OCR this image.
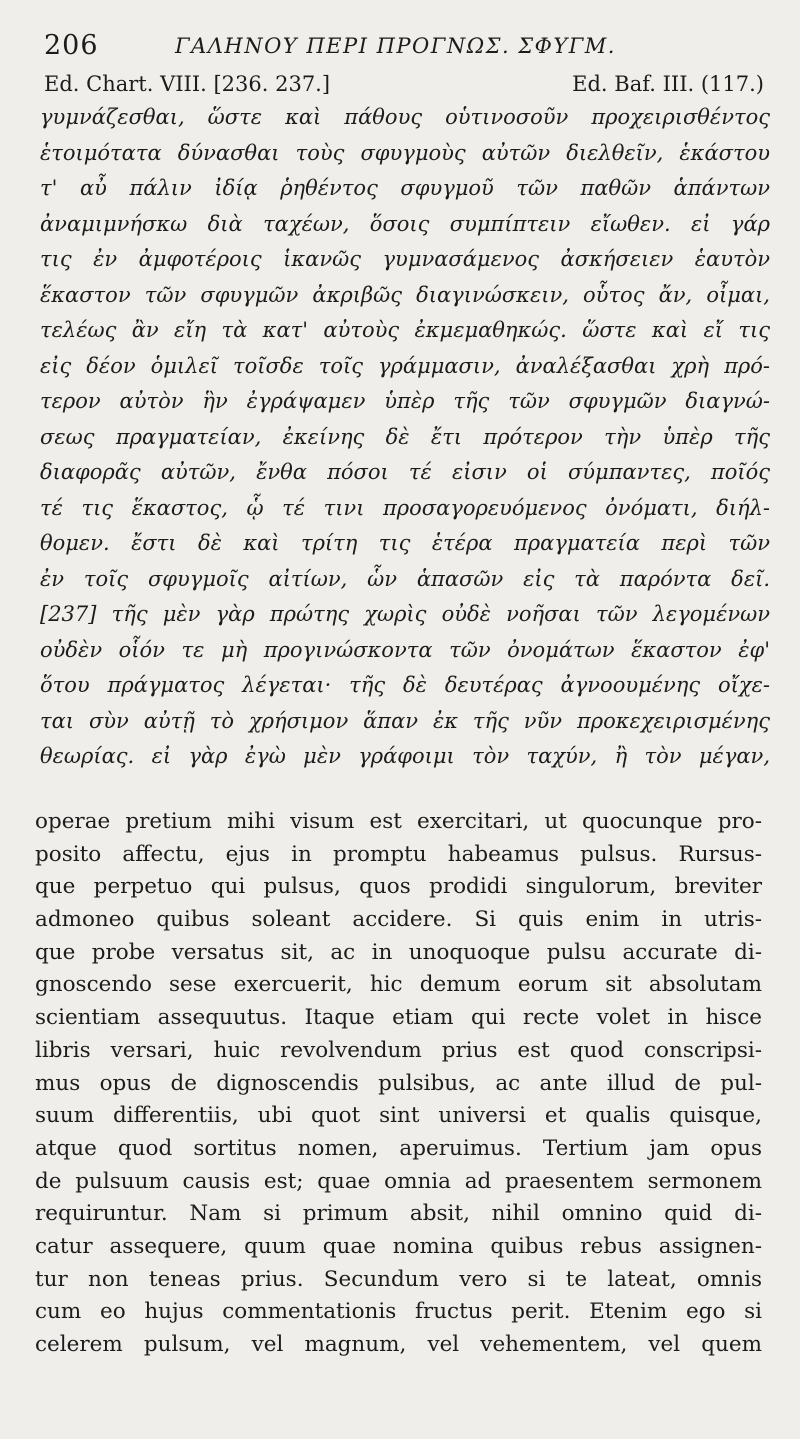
206	ΓΑΛΗΝΟΥ ΠΕΡΙ ΠΡΟΓΝΩΣ. ΣΦΥΓΜ.
Ed. Chart. VIII. [236. 237.]	Ed. Baf. III. (117.)
γυμνάζεσθαι, ὥστε καὶ πάθους οὑτινοσοῦν προχειρισθέντος
ἑτοιμότατα δύνασθαι τοὺς σφυγμοὺς αὐτῶν διελθεῖν, ἑκάστου
τ' αὖ πάλιν ἰδίᾳ ῥηθέντος σφυγμοῦ τῶν παθῶν ἁπάντων
ἀναμιμνήσκω διὰ ταχέων, ὅσοις συμπίπτειν εἴωθεν. εἰ γάρ
τις ἐν ἀμφοτέροις ἱκανῶς γυμνασάμενος ἀσκήσειεν ἑαυτὸν
ἕκαστον τῶν σφυγμῶν ἀκριβῶς διαγινώσκειν, οὗτος ἄν, οἶμαι,
τελέως ἂν εἴη τὰ κατ' αὐτοὺς ἐκμεμαθηκώς. ὥστε καὶ εἴ τις
εἰς δέον ὁμιλεῖ τοῖσδε τοῖς γράμμασιν, ἀναλέξασθαι χρὴ πρό-
τερον αὐτὸν ἣν ἐγράψαμεν ὑπὲρ τῆς τῶν σφυγμῶν διαγνώ-
σεως πραγματείαν, ἐκείνης δὲ ἔτι πρότερον τὴν ὑπὲρ τῆς
διαφορᾶς αὐτῶν, ἔνθα πόσοι τέ εἰσιν οἱ σύμπαντες, ποῖός
τέ τις ἕκαστος, ᾧ τέ τινι προσαγορευόμενος ὀνόματι, διήλ-
θομεν. ἔστι δὲ καὶ τρίτη τις ἑτέρα πραγματεία περὶ τῶν
ἐν τοῖς σφυγμοῖς αἰτίων, ὧν ἁπασῶν εἰς τὰ παρόντα δεῖ.
[237] τῆς μὲν γὰρ πρώτης χωρὶς οὐδὲ νοῆσαι τῶν λεγομένων
οὐδὲν οἷόν τε μὴ προγινώσκοντα τῶν ὀνομάτων ἕκαστον ἐφ'
ὅτου πράγματος λέγεται· τῆς δὲ δευτέρας ἀγνοουμένης οἴχε-
ται σὺν αὐτῇ τὸ χρήσιμον ἅπαν ἐκ τῆς νῦν προκεχειρισμένης
θεωρίας. εἰ γὰρ ἐγὼ μὲν γράφοιμι τὸν ταχύν, ἢ τὸν μέγαν,
operae pretium mihi visum est exercitari, ut quocunque pro-
posito affectu, ejus in promptu habeamus pulsus. Rursus-
que perpetuo qui pulsus, quos prodidi singulorum, breviter
admoneo quibus soleant accidere. Si quis enim in utris-
que probe versatus sit, ac in unoquoque pulsu accurate di-
gnoscendo sese exercuerit, hic demum eorum sit absolutam
scientiam assequutus. Itaque etiam qui recte volet in hisce
libris versari, huic revolvendum prius est quod conscripsi-
mus opus de dignoscendis pulsibus, ac ante illud de pul-
suum differentiis, ubi quot sint universi et qualis quisque,
atque quod sortitus nomen, aperuimus. Tertium jam opus
de pulsuum causis est; quae omnia ad praesentem sermonem
requiruntur. Nam si primum absit, nihil omnino quid di-
catur assequere, quum quae nomina quibus rebus assignen-
tur non teneas prius. Secundum vero si te lateat, omnis
cum eo hujus commentationis fructus perit. Etenim ego si
celerem pulsum, vel magnum, vel vehementem, vel quem
